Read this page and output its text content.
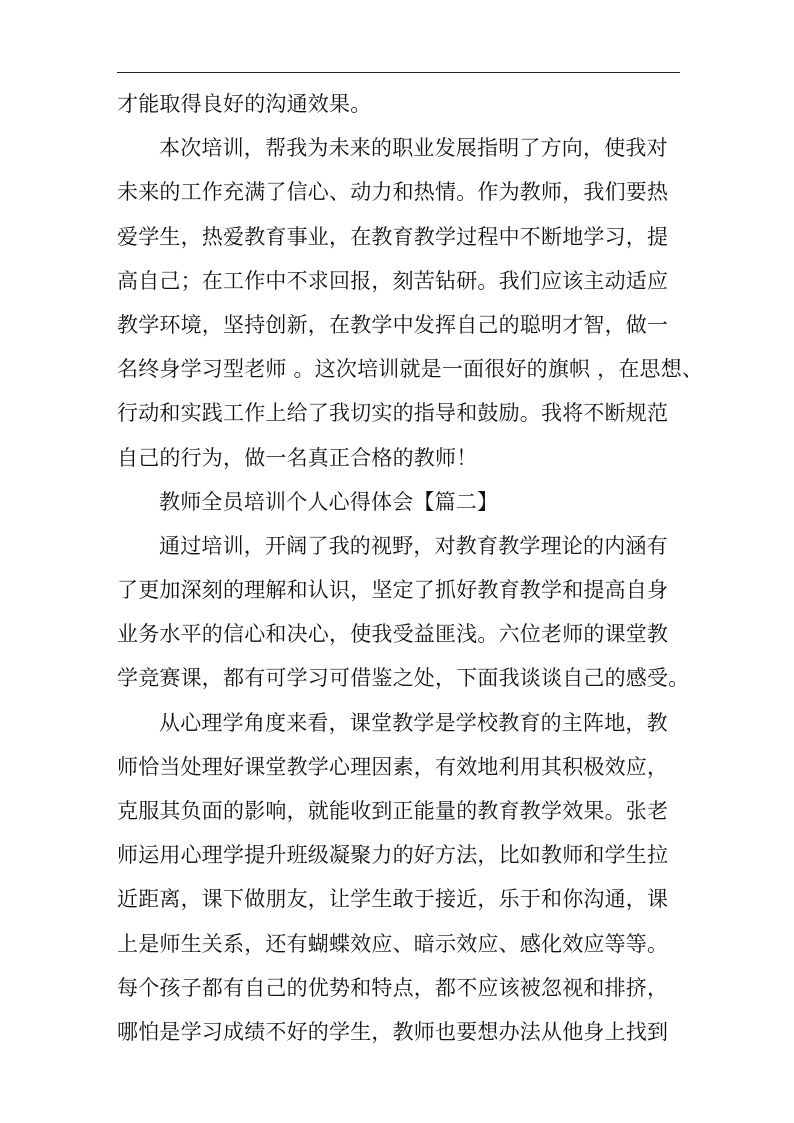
才能取得良好的沟通效果。
本次培训，帮我为未来的职业发展指明了方向，使我对
未来的工作充满了信心、动力和热情。作为教师，我们要热
爱学生，热爱教育事业，在教育教学过程中不断地学习，提
高自己；在工作中不求回报，刻苦钻研。我们应该主动适应
教学环境，坚持创新，在教学中发挥自己的聪明才智，做一
名终身学习型老师 。这次培训就是一面很好的旗帜 ，在思想、
行动和实践工作上给了我切实的指导和鼓励。我将不断规范
自己的行为，做一名真正合格的教师！
教师全员培训个人心得体会【篇二】
通过培训，开阔了我的视野，对教育教学理论的内涵有
了更加深刻的理解和认识，坚定了抓好教育教学和提高自身
业务水平的信心和决心，使我受益匪浅。六位老师的课堂教
学竞赛课，都有可学习可借鉴之处，下面我谈谈自己的感受。
从心理学角度来看，课堂教学是学校教育的主阵地，教
师恰当处理好课堂教学心理因素，有效地利用其积极效应，
克服其负面的影响，就能收到正能量的教育教学效果。张老
师运用心理学提升班级凝聚力的好方法，比如教师和学生拉
近距离，课下做朋友，让学生敢于接近，乐于和你沟通，课
上是师生关系，还有蝴蝶效应、暗示效应、感化效应等等。
每个孩子都有自己的优势和特点，都不应该被忽视和排挤，
哪怕是学习成绩不好的学生，教师也要想办法从他身上找到
